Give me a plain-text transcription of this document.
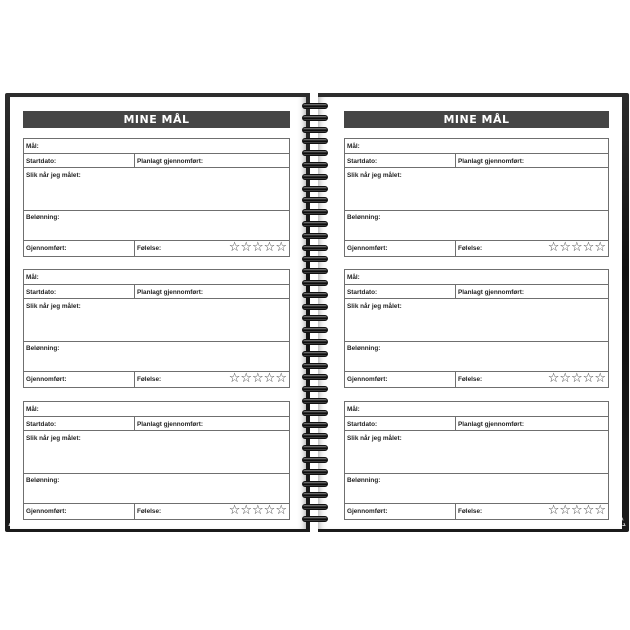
MINE MÅL
Mål:
Startdato:	Planlagt gjennomført:
Slik når jeg målet:
Belønning:
Gjennomført:	Følelse:	☆☆☆☆☆
Mål:
Startdato:	Planlagt gjennomført:
Slik når jeg målet:
Belønning:
Gjennomført:	Følelse:	☆☆☆☆☆
Mål:
Startdato:	Planlagt gjennomført:
Slik når jeg målet:
Belønning:
Gjennomført:	Følelse:	☆☆☆☆☆
MINE MÅL
Mål:
Startdato:	Planlagt gjennomført:
Slik når jeg målet:
Belønning:
Gjennomført:	Følelse:	☆☆☆☆☆
Mål:
Startdato:	Planlagt gjennomført:
Slik når jeg målet:
Belønning:
Gjennomført:	Følelse:	☆☆☆☆☆
Mål:
Startdato:	Planlagt gjennomført:
Slik når jeg målet:
Belønning:
Gjennomført:	Følelse:	☆☆☆☆☆
